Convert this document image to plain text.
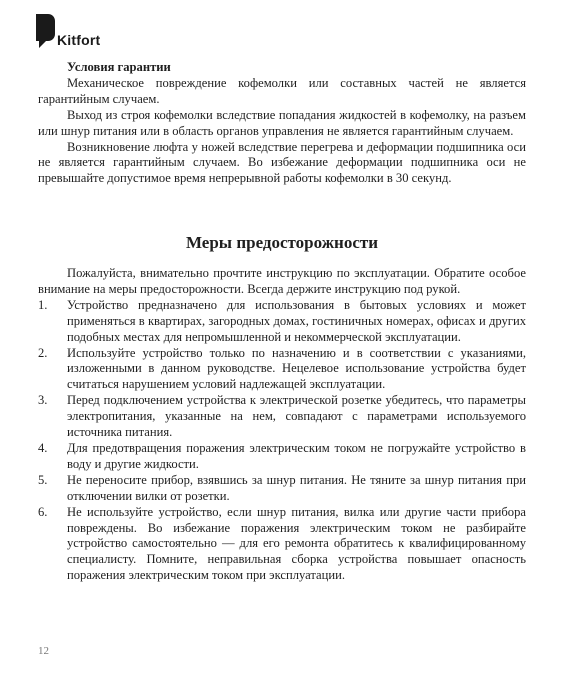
Kitfort
Условия гарантии

Механическое повреждение кофемолки или составных частей не является гарантийным случаем.

Выход из строя кофемолки вследствие попадания жидкостей в кофемолку, на разъем или шнур питания или в область органов управления не является гарантийным случаем.

Возникновение люфта у ножей вследствие перегрева и деформации подшипника оси не является гарантийным случаем. Во избежание деформации подшипника оси не превышайте допустимое время непрерывной работы кофемолки в 30 секунд.

Меры предосторожности

Пожалуйста, внимательно прочтите инструкцию по эксплуатации. Обратите особое внимание на меры предосторожности. Всегда держите инструкцию под рукой.

1. Устройство предназначено для использования в бытовых условиях и может применяться в квартирах, загородных домах, гостиничных номерах, офисах и других подобных местах для непромышленной и некоммерческой эксплуатации.
2. Используйте устройство только по назначению и в соответствии с указаниями, изложенными в данном руководстве. Нецелевое использование устройства будет считаться нарушением условий надлежащей эксплуатации.
3. Перед подключением устройства к электрической розетке убедитесь, что параметры электропитания, указанные на нем, совпадают с параметрами используемого источника питания.
4. Для предотвращения поражения электрическим током не погружайте устройство в воду и другие жидкости.
5. Не переносите прибор, взявшись за шнур питания. Не тяните за шнур питания при отключении вилки от розетки.
6. Не используйте устройство, если шнур питания, вилка или другие части прибора повреждены. Во избежание поражения электрическим током не разбирайте устройство самостоятельно — для его ремонта обратитесь к квалифицированному специалисту. Помните, неправильная сборка устройства повышает опасность поражения электрическим током при эксплуатации.
12
